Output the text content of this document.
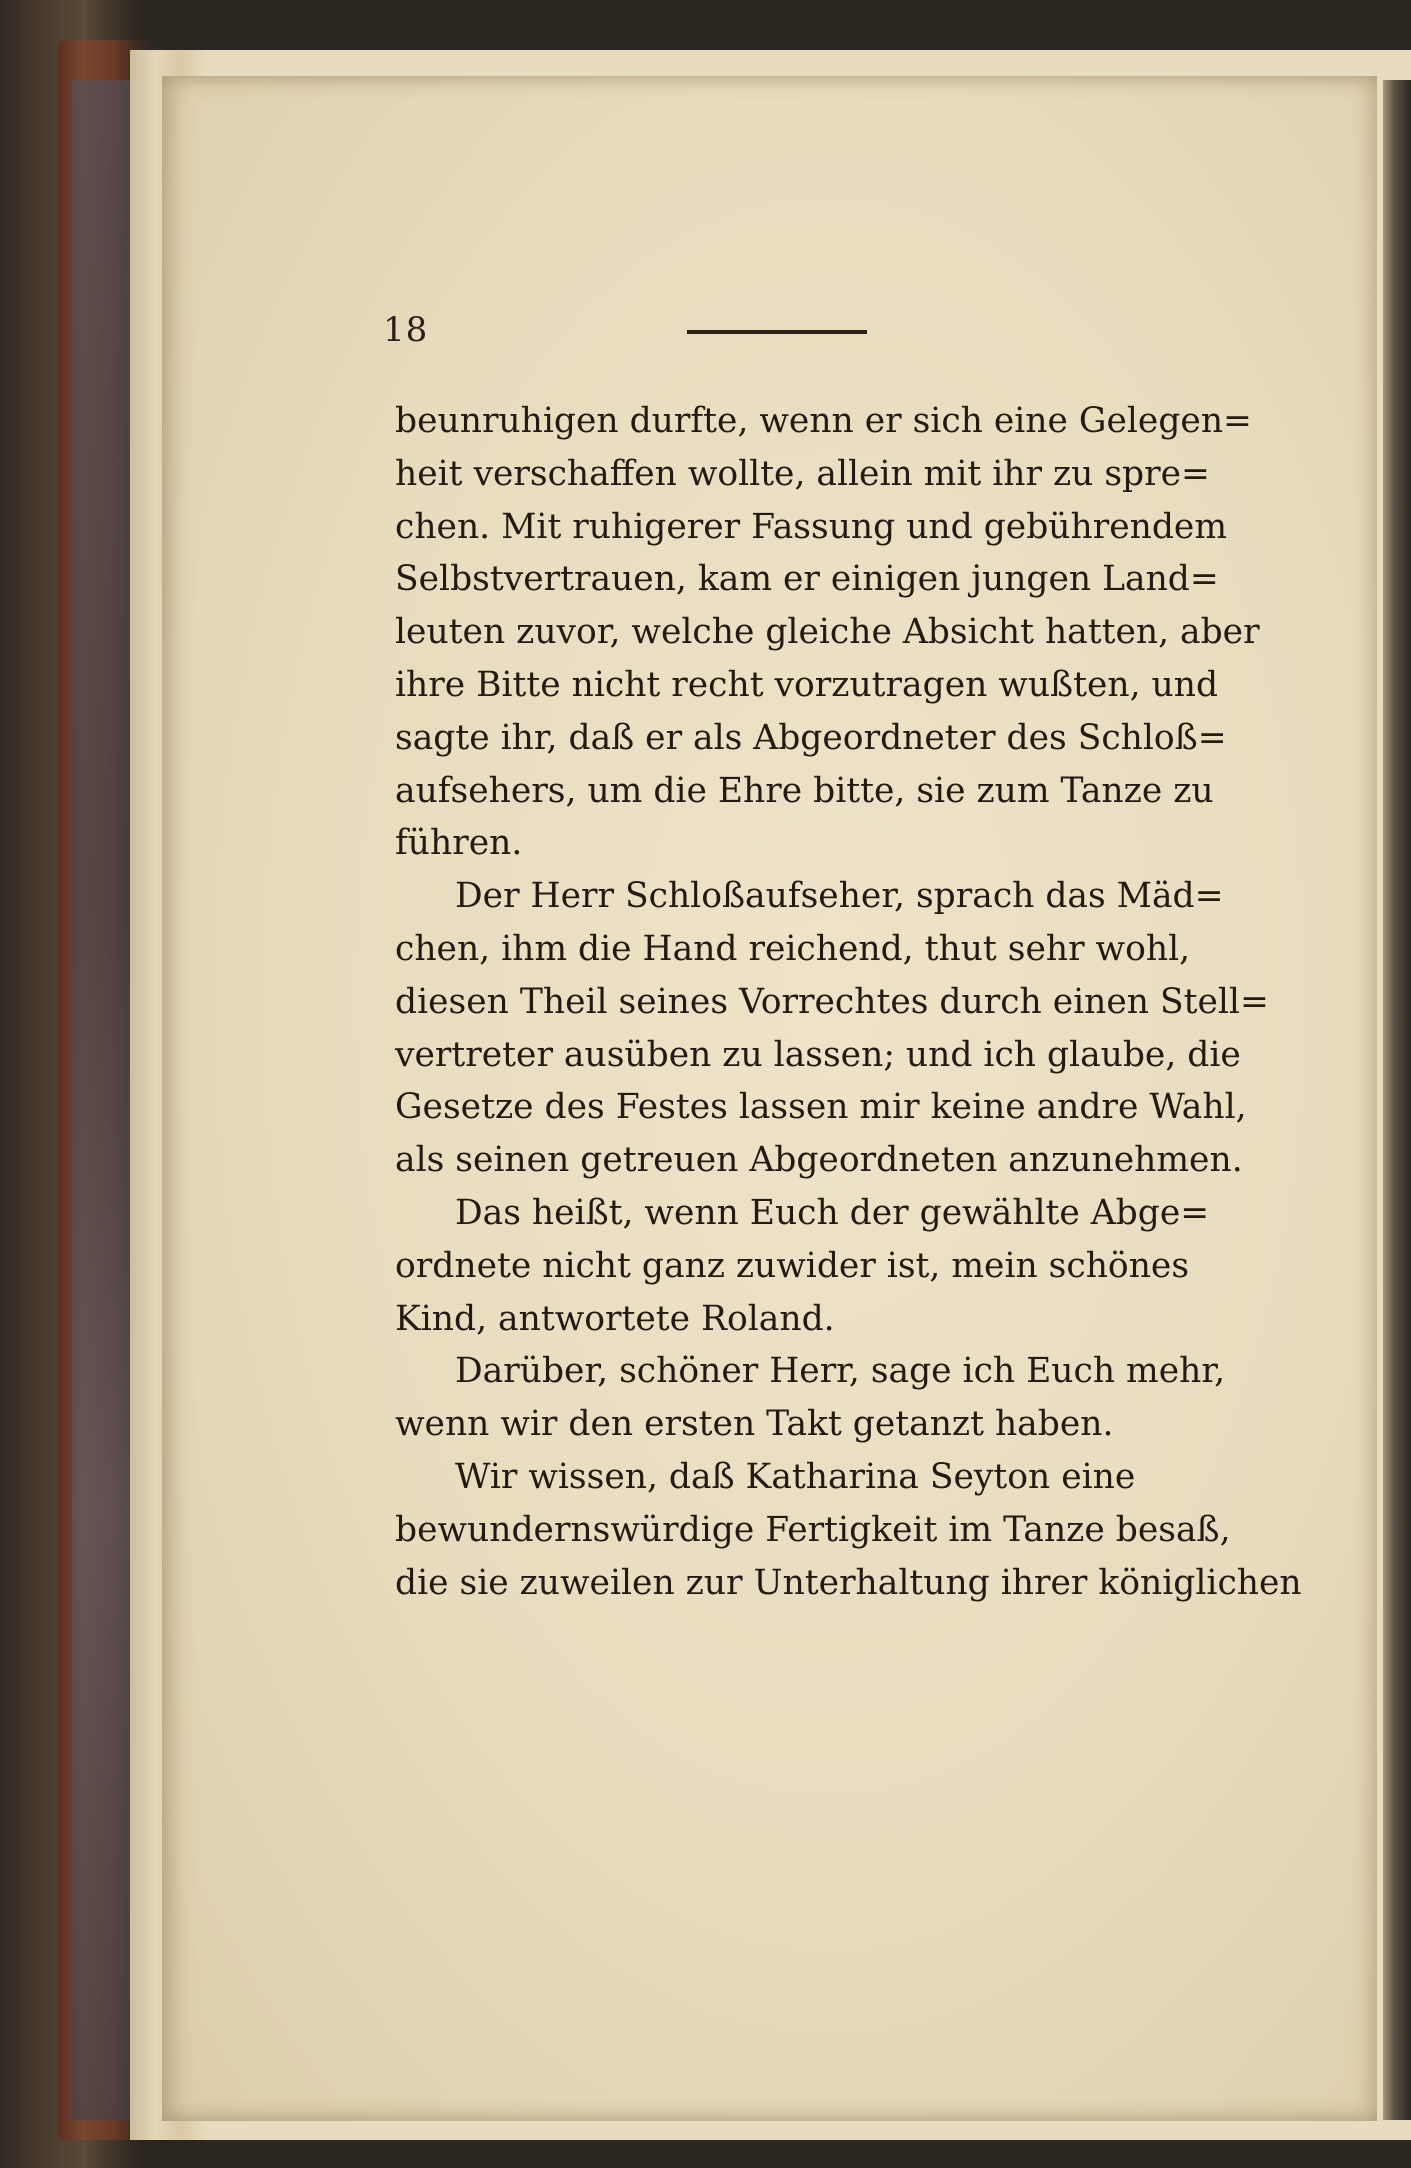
18
beunruhigen durfte, wenn er sich eine Gelegen=
heit verschaffen wollte, allein mit ihr zu spre=
chen. Mit ruhigerer Fassung und gebührendem
Selbstvertrauen, kam er einigen jungen Land=
leuten zuvor, welche gleiche Absicht hatten, aber
ihre Bitte nicht recht vorzutragen wußten, und
sagte ihr, daß er als Abgeordneter des Schloß=
aufsehers, um die Ehre bitte, sie zum Tanze zu
führen.
Der Herr Schloßaufseher, sprach das Mäd=
chen, ihm die Hand reichend, thut sehr wohl,
diesen Theil seines Vorrechtes durch einen Stell=
vertreter ausüben zu lassen; und ich glaube, die
Gesetze des Festes lassen mir keine andre Wahl,
als seinen getreuen Abgeordneten anzunehmen.
Das heißt, wenn Euch der gewählte Abge=
ordnete nicht ganz zuwider ist, mein schönes
Kind, antwortete Roland.
Darüber, schöner Herr, sage ich Euch mehr,
wenn wir den ersten Takt getanzt haben.
Wir wissen, daß Katharina Seyton eine
bewundernswürdige Fertigkeit im Tanze besaß,
die sie zuweilen zur Unterhaltung ihrer königlichen
